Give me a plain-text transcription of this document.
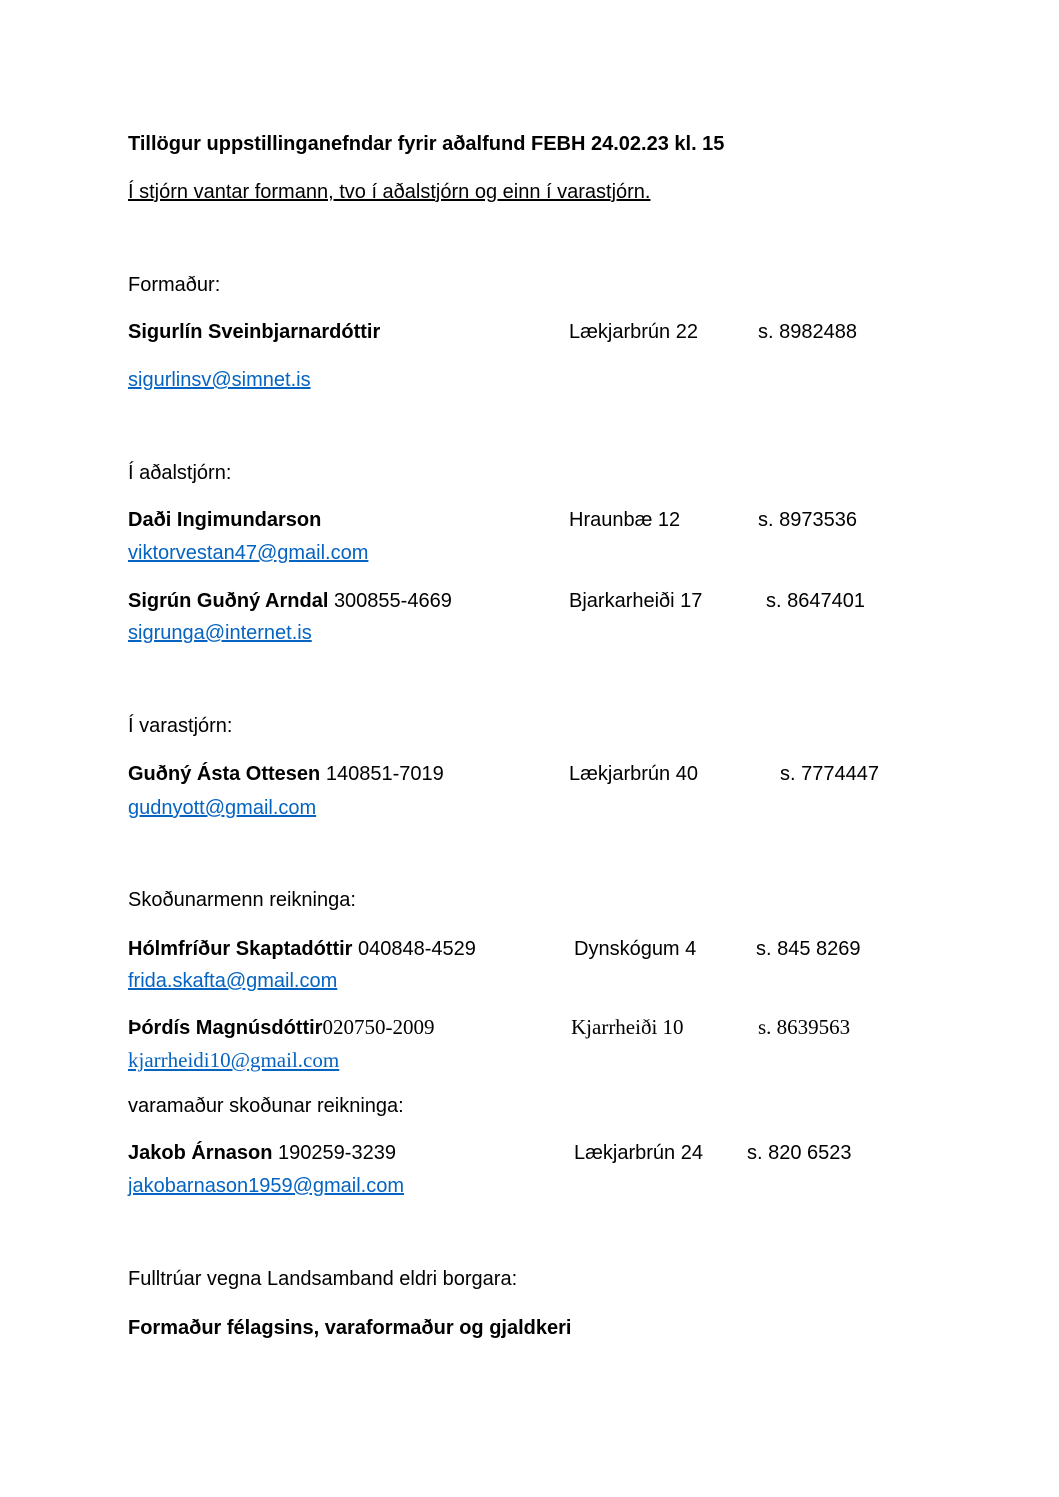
Tillögur uppstillinganefndar fyrir aðalfund FEBH 24.02.23 kl. 15
Í stjórn vantar formann, tvo í aðalstjórn og einn í varastjórn.
Formaður:
Sigurlín Sveinbjarnardóttir	Lækjarbrún 22	s. 8982488
sigurlinsv@simnet.is
Í aðalstjórn:
Daði Ingimundarson	Hraunbæ 12	s. 8973536
viktorvestan47@gmail.com
Sigrún Guðný Arndal 300855-4669	Bjarkarheiði 17	s. 8647401
sigrunga@internet.is
Í varastjórn:
Guðný Ásta Ottesen 140851-7019	Lækjarbrún 40	s. 7774447
gudnyott@gmail.com
Skoðunarmenn reikninga:
Hólmfríður Skaptadóttir 040848-4529	Dynskógum 4	s. 845 8269
frida.skafta@gmail.com
Þórdís Magnúsdóttir020750-2009	Kjarrheiði 10	s. 8639563
kjarrheidi10@gmail.com
varamaður skoðunar reikninga:
Jakob Árnason 190259-3239	Lækjarbrún 24 s. 820 6523
jakobarnason1959@gmail.com
Fulltrúar vegna Landsamband eldri borgara:
Formaður félagsins, varaformaður og gjaldkeri
